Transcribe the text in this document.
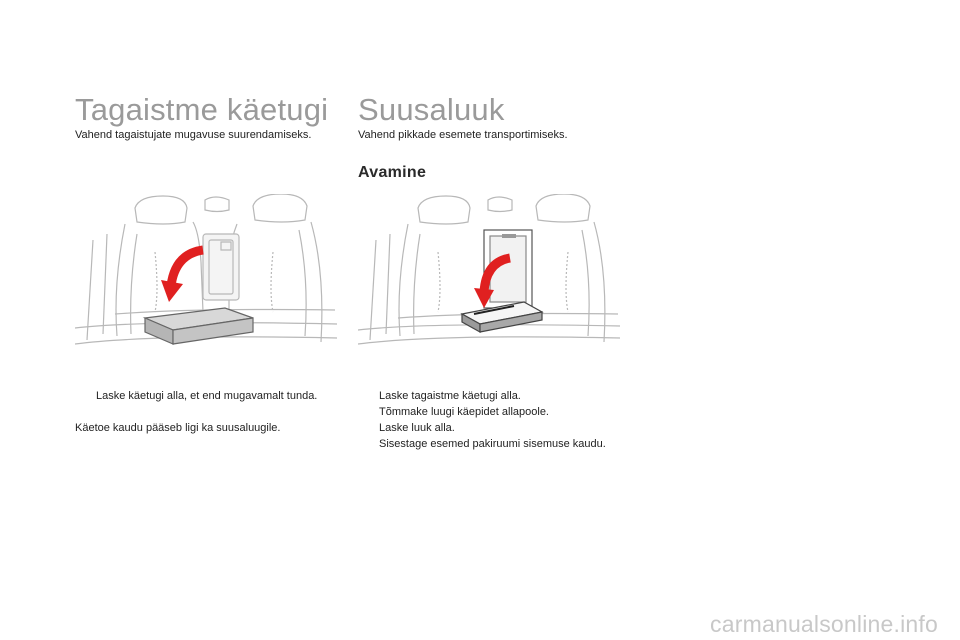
Tagaistme käetugi

Vahend tagaistujate mugavuse suurendamiseks.

Laske käetugi alla, et end mugavamalt tunda.

Käetoe kaudu pääseb ligi ka suusaluugile.

Suusaluuk

Vahend pikkade esemete transportimiseks.

Avamine
Laske tagaistme käetugi alla.
Tõmmake luugi käepidet allapoole.
Laske luuk alla.
Sisestage esemed pakiruumi sisemuse kaudu.
carmanualsonline.info
